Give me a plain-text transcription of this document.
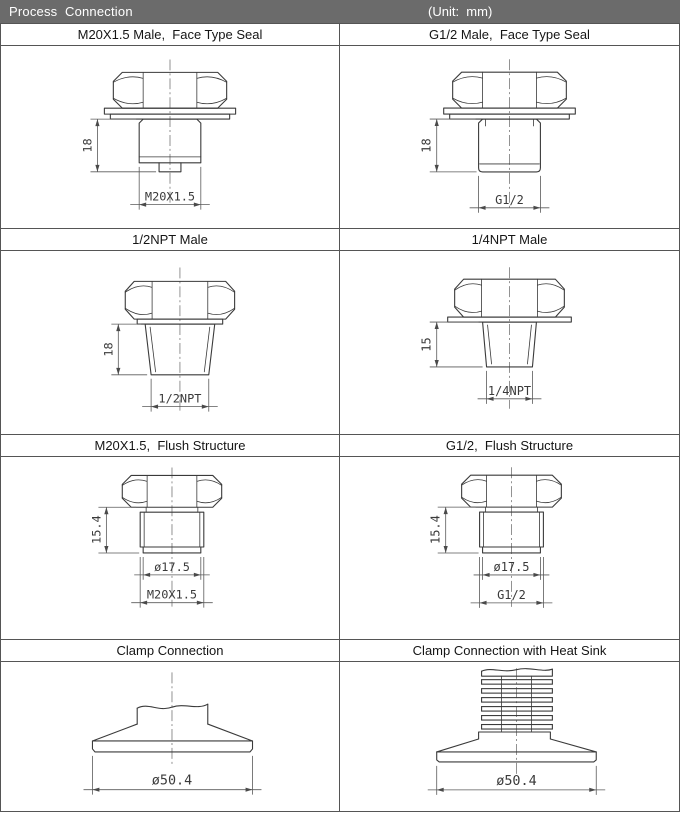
Process  Connection	(Unit:  mm)
M20X1.5 Male,  Face Type Seal	G1/2 Male,  Face Type Seal
18
M20X1.5
18
G1/2
1/2NPT Male	1/4NPT Male
18
1/2NPT
15
1/4NPT
M20X1.5,  Flush Structure	G1/2,  Flush Structure
15.4
ø17.5
M20X1.5
15.4
ø17.5
G1/2
Clamp Connection	Clamp Connection with Heat Sink
ø50.4	ø50.4
